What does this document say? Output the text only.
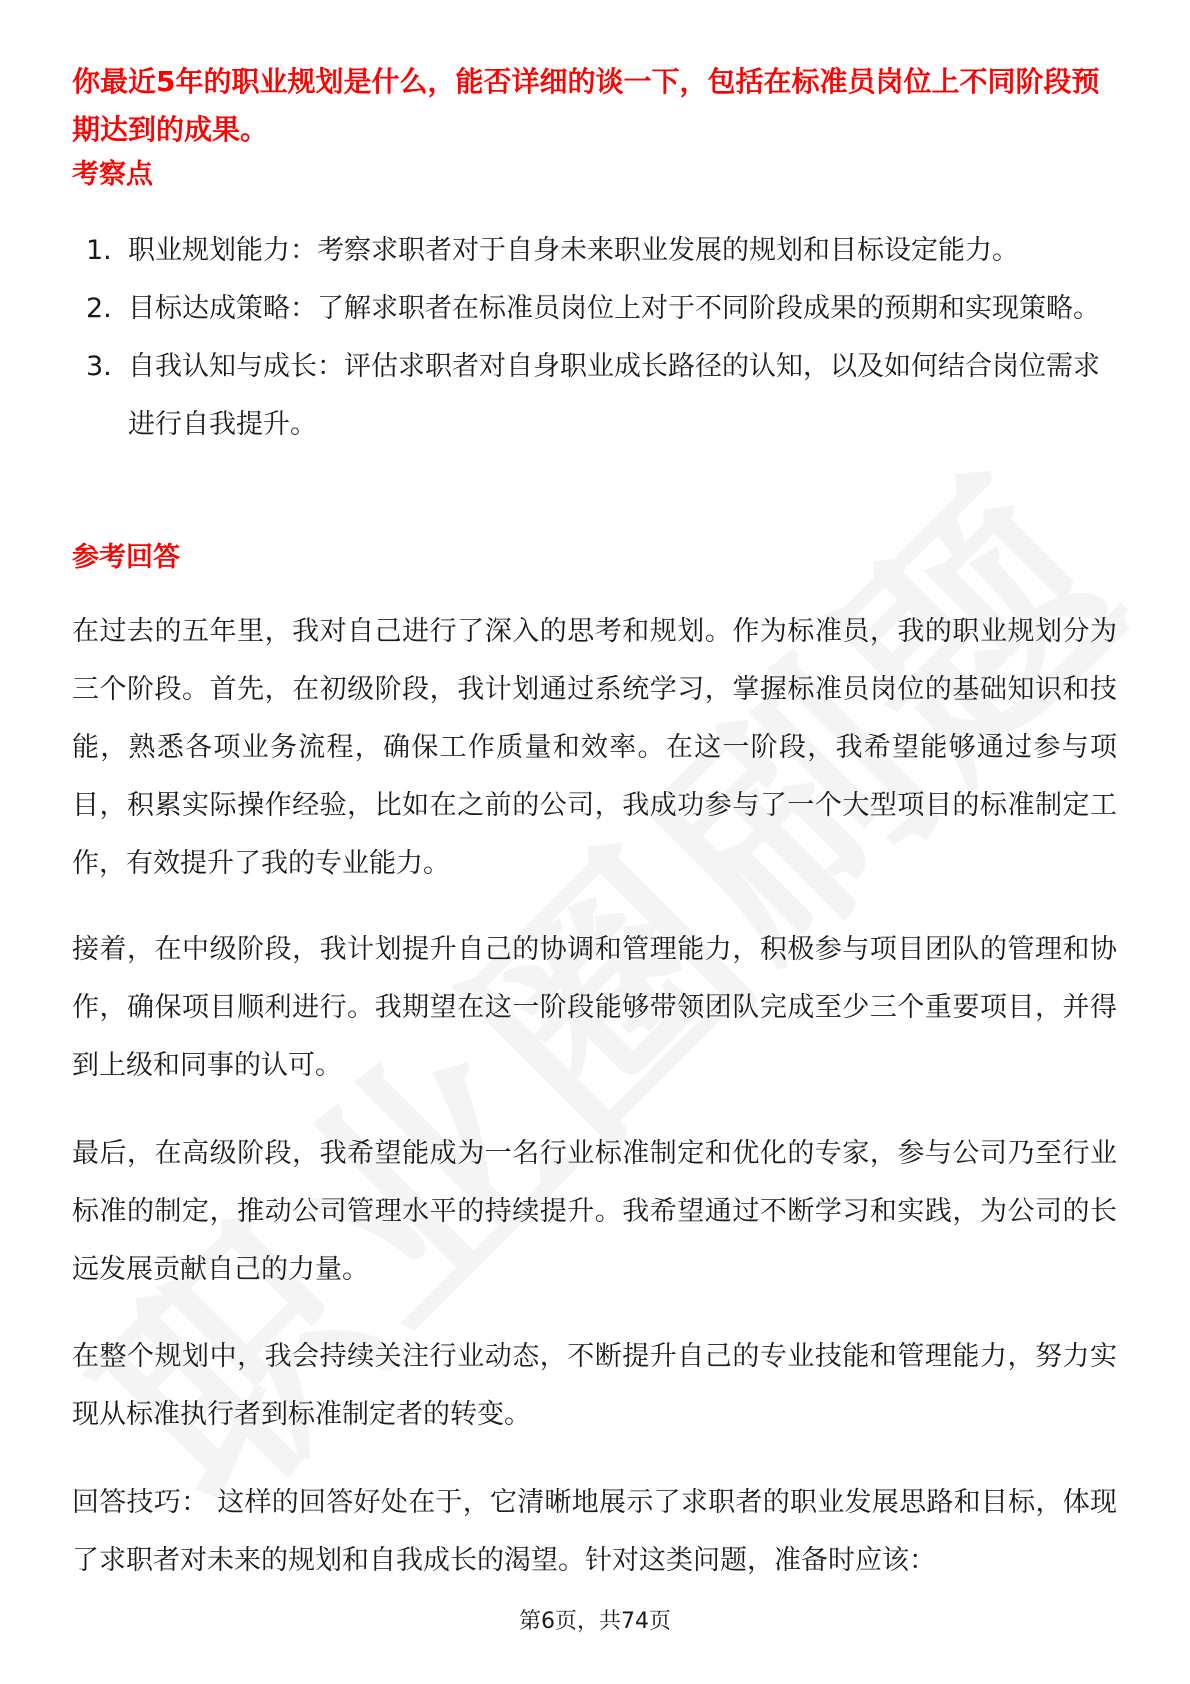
你最近5年的职业规划是什么，能否详细的谈一下，包括在标准员岗位上不同阶段预期达到的成果。
考察点
1. 职业规划能力：考察求职者对于自身未来职业发展的规划和目标设定能力。
2. 目标达成策略：了解求职者在标准员岗位上对于不同阶段成果的预期和实现策略。
3. 自我认知与成长：评估求职者对自身职业成长路径的认知，以及如何结合岗位需求进行自我提升。
参考回答

在过去的五年里，我对自己进行了深入的思考和规划。作为标准员，我的职业规划分为三个阶段。首先，在初级阶段，我计划通过系统学习，掌握标准员岗位的基础知识和技能，熟悉各项业务流程，确保工作质量和效率。在这一阶段，我希望能够通过参与项目，积累实际操作经验，比如在之前的公司，我成功参与了一个大型项目的标准制定工作，有效提升了我的专业能力。

接着，在中级阶段，我计划提升自己的协调和管理能力，积极参与项目团队的管理和协作，确保项目顺利进行。我期望在这一阶段能够带领团队完成至少三个重要项目，并得到上级和同事的认可。

最后，在高级阶段，我希望能成为一名行业标准制定和优化的专家，参与公司乃至行业标准的制定，推动公司管理水平的持续提升。我希望通过不断学习和实践，为公司的长远发展贡献自己的力量。

在整个规划中，我会持续关注行业动态，不断提升自己的专业技能和管理能力，努力实现从标准执行者到标准制定者的转变。

回答技巧： 这样的回答好处在于，它清晰地展示了求职者的职业发展思路和目标，体现了求职者对未来的规划和自我成长的渴望。针对这类问题，准备时应该：

第6页，共74页
